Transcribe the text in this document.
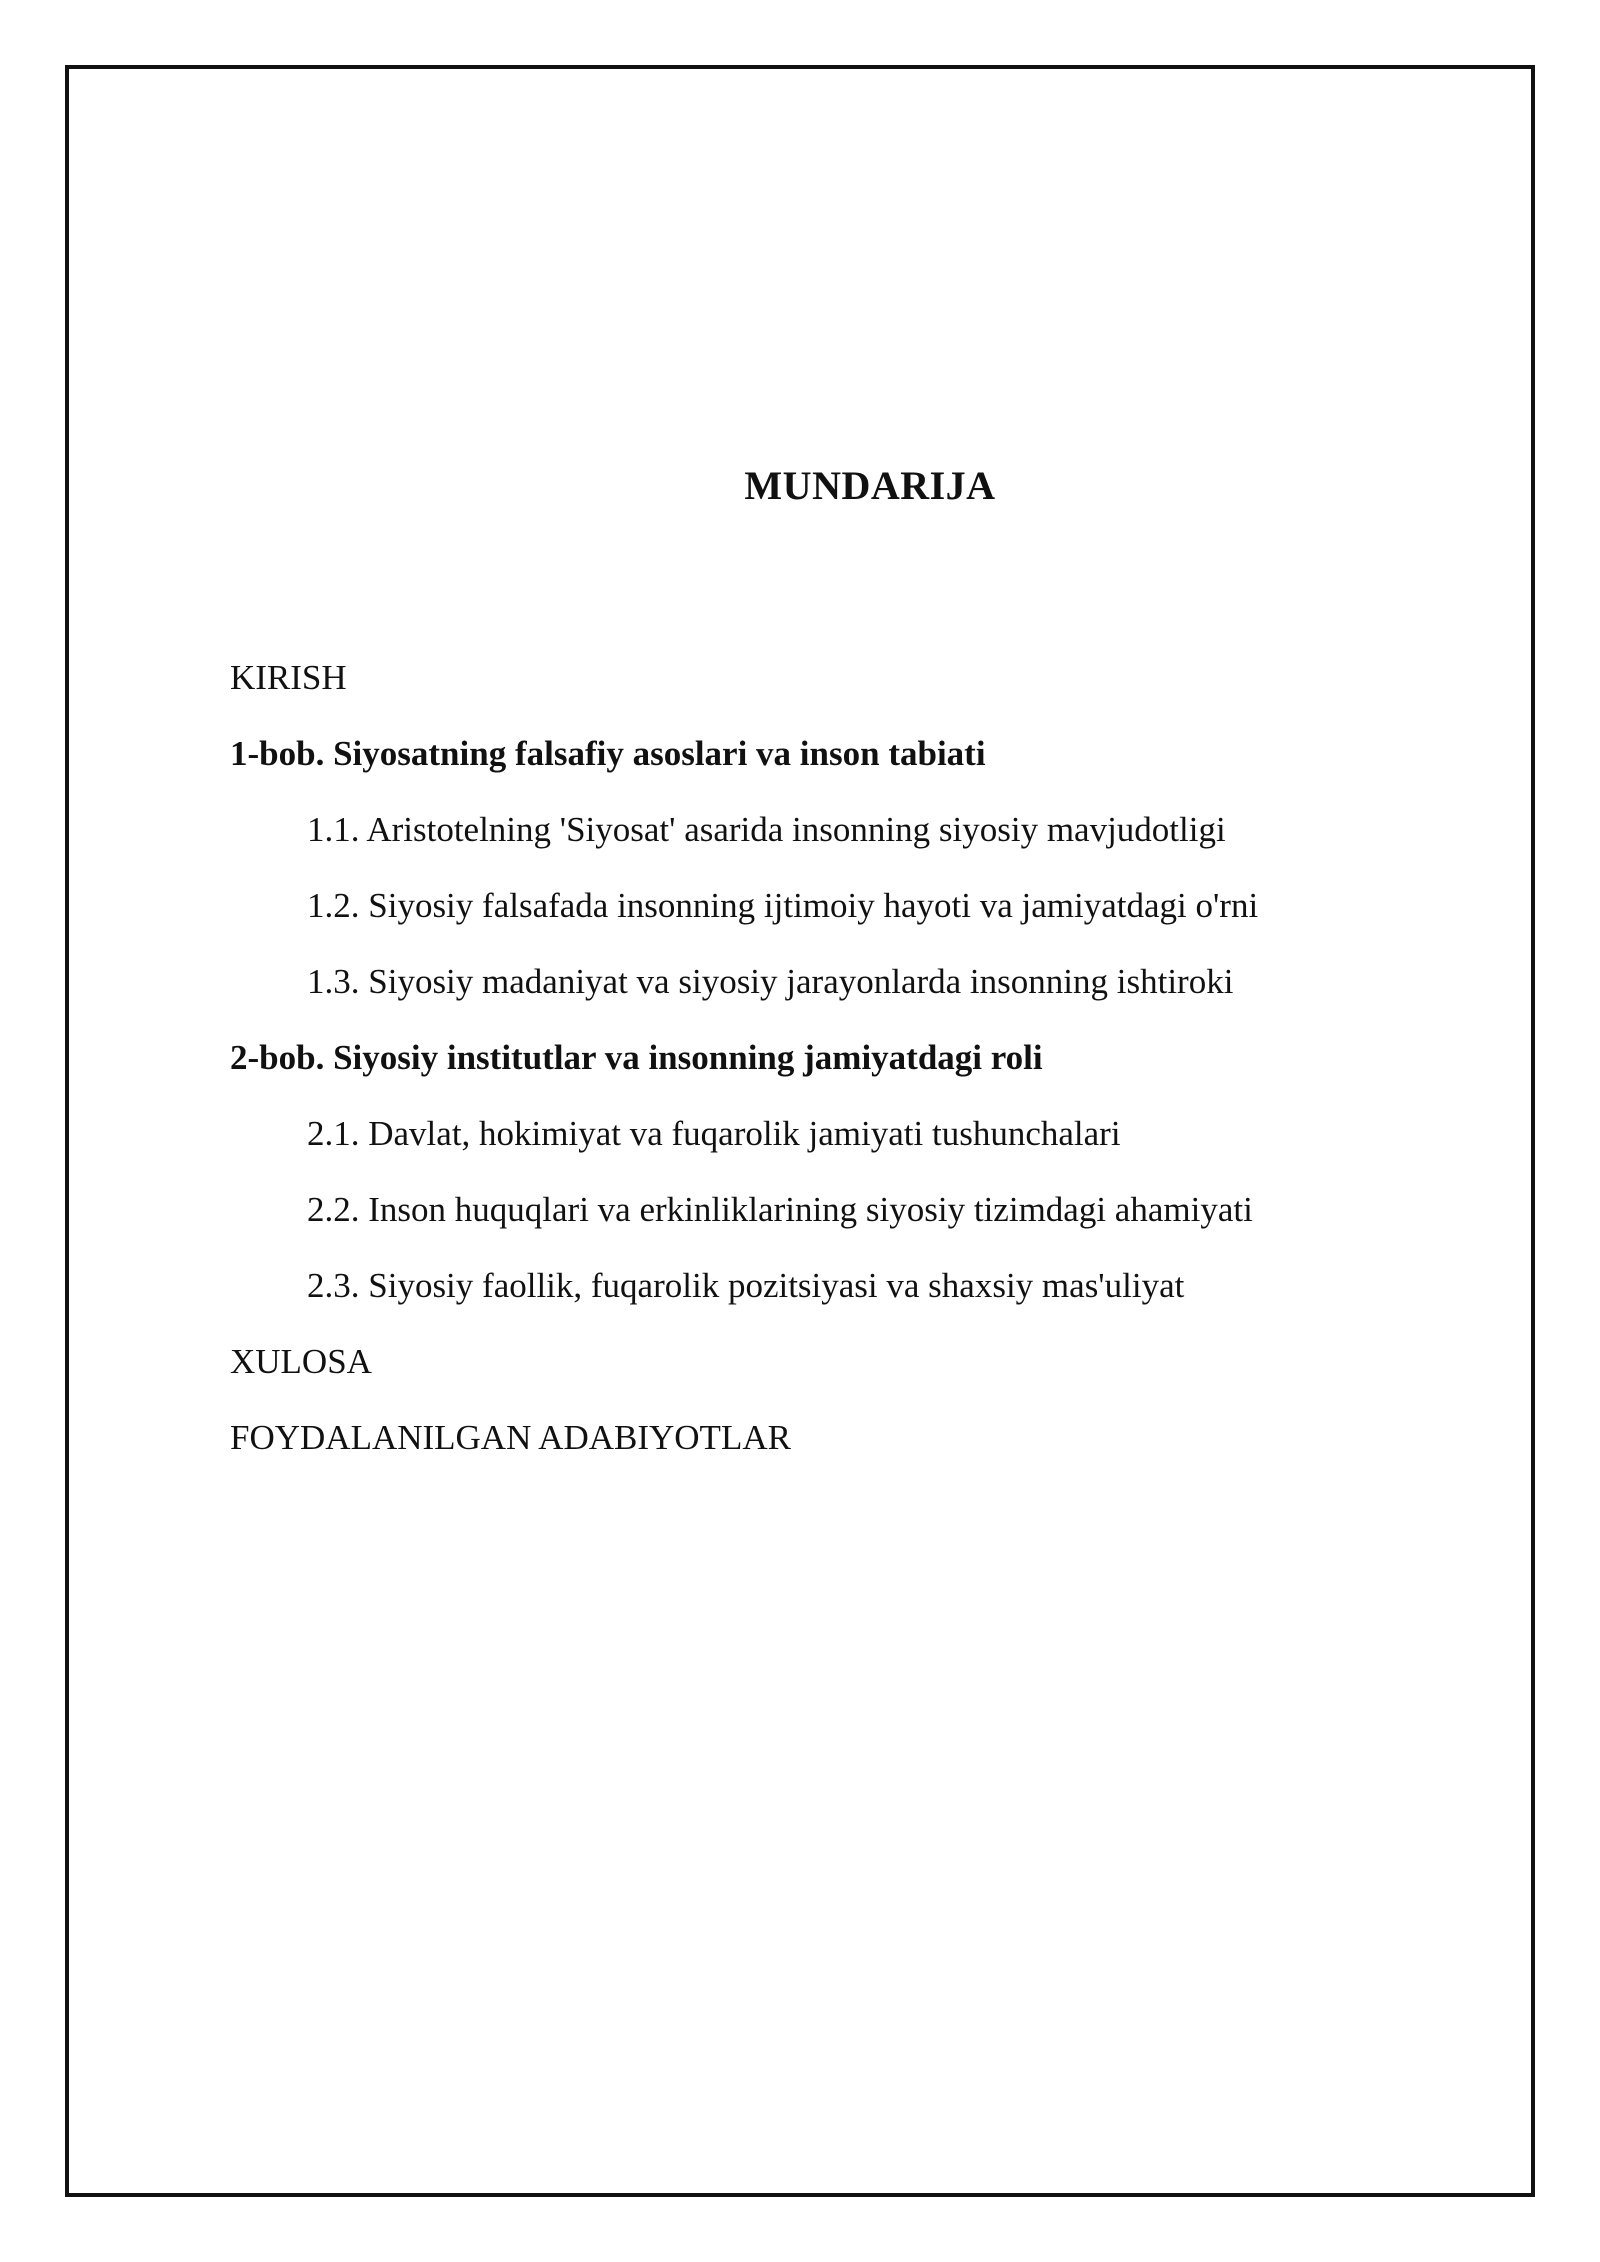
MUNDARIJA
KIRISH
1-bob. Siyosatning falsafiy asoslari va inson tabiati
1.1. Aristotelning 'Siyosat' asarida insonning siyosiy mavjudotligi
1.2. Siyosiy falsafada insonning ijtimoiy hayoti va jamiyatdagi o'rni
1.3. Siyosiy madaniyat va siyosiy jarayonlarda insonning ishtiroki
2-bob. Siyosiy institutlar va insonning jamiyatdagi roli
2.1. Davlat, hokimiyat va fuqarolik jamiyati tushunchalari
2.2. Inson huquqlari va erkinliklarining siyosiy tizimdagi ahamiyati
2.3. Siyosiy faollik, fuqarolik pozitsiyasi va shaxsiy mas'uliyat
XULOSA
FOYDALANILGAN ADABIYOTLAR
